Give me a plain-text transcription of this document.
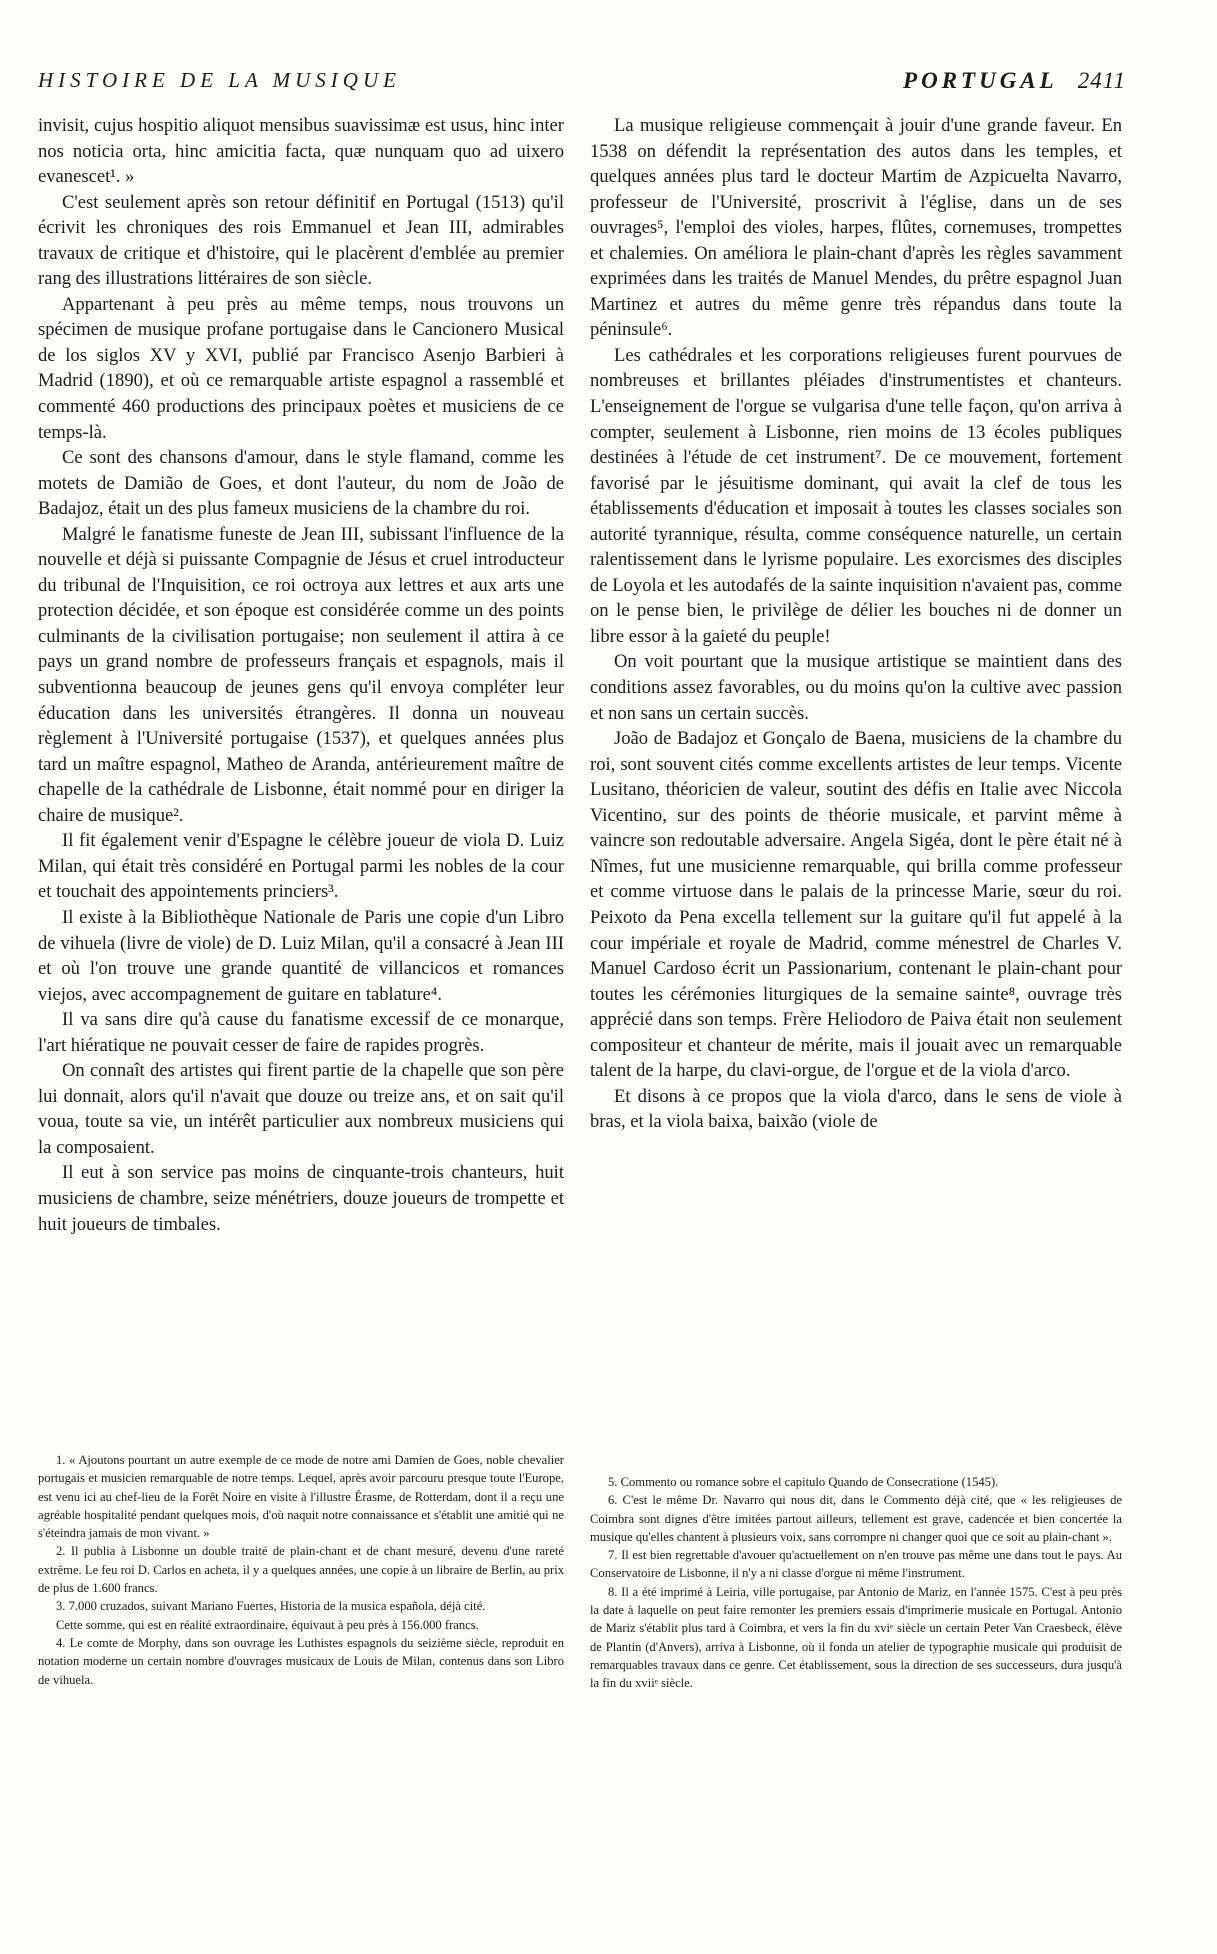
HISTOIRE DE LA MUSIQUE	PORTUGAL 2411

invisit, cujus hospitio aliquot mensibus suavissimæ est usus, hinc inter nos noticia orta, hinc amicitia facta, quæ nunquam quo ad uixero evanescet¹. »

C'est seulement après son retour définitif en Portugal (1513) qu'il écrivit les chroniques des rois Emmanuel et Jean III, admirables travaux de critique et d'histoire, qui le placèrent d'emblée au premier rang des illustrations littéraires de son siècle.

Appartenant à peu près au même temps, nous trouvons un spécimen de musique profane portugaise dans le Cancionero Musical de los siglos XV y XVI, publié par Francisco Asenjo Barbieri à Madrid (1890), et où ce remarquable artiste espagnol a rassemblé et commenté 460 productions des principaux poètes et musiciens de ce temps-là.

Ce sont des chansons d'amour, dans le style flamand, comme les motets de Damião de Goes, et dont l'auteur, du nom de João de Badajoz, était un des plus fameux musiciens de la chambre du roi.

Malgré le fanatisme funeste de Jean III, subissant l'influence de la nouvelle et déjà si puissante Compagnie de Jésus et cruel introducteur du tribunal de l'Inquisition, ce roi octroya aux lettres et aux arts une protection décidée, et son époque est considérée comme un des points culminants de la civilisation portugaise; non seulement il attira à ce pays un grand nombre de professeurs français et espagnols, mais il subventionna beaucoup de jeunes gens qu'il envoya compléter leur éducation dans les universités étrangères. Il donna un nouveau règlement à l'Université portugaise (1537), et quelques années plus tard un maître espagnol, Matheo de Aranda, antérieurement maître de chapelle de la cathédrale de Lisbonne, était nommé pour en diriger la chaire de musique².

Il fit également venir d'Espagne le célèbre joueur de viola D. Luiz Milan, qui était très considéré en Portugal parmi les nobles de la cour et touchait des appointements princiers³.

Il existe à la Bibliothèque Nationale de Paris une copie d'un Libro de vihuela (livre de viole) de D. Luiz Milan, qu'il a consacré à Jean III et où l'on trouve une grande quantité de villancicos et romances viejos, avec accompagnement de guitare en tablature⁴.

Il va sans dire qu'à cause du fanatisme excessif de ce monarque, l'art hiératique ne pouvait cesser de faire de rapides progrès.

On connaît des artistes qui firent partie de la chapelle que son père lui donnait, alors qu'il n'avait que douze ou treize ans, et on sait qu'il voua, toute sa vie, un intérêt particulier aux nombreux musiciens qui la composaient.

Il eut à son service pas moins de cinquante-trois chanteurs, huit musiciens de chambre, seize ménétriers, douze joueurs de trompette et huit joueurs de timbales.

La musique religieuse commençait à jouir d'une grande faveur. En 1538 on défendit la représentation des autos dans les temples, et quelques années plus tard le docteur Martim de Azpicuelta Navarro, professeur de l'Université, proscrivit à l'église, dans un de ses ouvrages⁵, l'emploi des violes, harpes, flûtes, cornemuses, trompettes et chalemies. On améliora le plain-chant d'après les règles savamment exprimées dans les traités de Manuel Mendes, du prêtre espagnol Juan Martinez et autres du même genre très répandus dans toute la péninsule⁶.

Les cathédrales et les corporations religieuses furent pourvues de nombreuses et brillantes pléiades d'instrumentistes et chanteurs. L'enseignement de l'orgue se vulgarisa d'une telle façon, qu'on arriva à compter, seulement à Lisbonne, rien moins de 13 écoles publiques destinées à l'étude de cet instrument⁷. De ce mouvement, fortement favorisé par le jésuitisme dominant, qui avait la clef de tous les établissements d'éducation et imposait à toutes les classes sociales son autorité tyrannique, résulta, comme conséquence naturelle, un certain ralentissement dans le lyrisme populaire. Les exorcismes des disciples de Loyola et les autodafés de la sainte inquisition n'avaient pas, comme on le pense bien, le privilège de délier les bouches ni de donner un libre essor à la gaieté du peuple!

On voit pourtant que la musique artistique se maintient dans des conditions assez favorables, ou du moins qu'on la cultive avec passion et non sans un certain succès.

João de Badajoz et Gonçalo de Baena, musiciens de la chambre du roi, sont souvent cités comme excellents artistes de leur temps. Vicente Lusitano, théoricien de valeur, soutint des défis en Italie avec Niccola Vicentino, sur des points de théorie musicale, et parvint même à vaincre son redoutable adversaire. Angela Sigéa, dont le père était né à Nîmes, fut une musicienne remarquable, qui brilla comme professeur et comme virtuose dans le palais de la princesse Marie, sœur du roi. Peixoto da Pena excella tellement sur la guitare qu'il fut appelé à la cour impériale et royale de Madrid, comme ménestrel de Charles V. Manuel Cardoso écrit un Passionarium, contenant le plain-chant pour toutes les cérémonies liturgiques de la semaine sainte⁸, ouvrage très apprécié dans son temps. Frère Heliodoro de Paiva était non seulement compositeur et chanteur de mérite, mais il jouait avec un remarquable talent de la harpe, du clavi-orgue, de l'orgue et de la viola d'arco.

Et disons à ce propos que la viola d'arco, dans le sens de viole à bras, et la viola baixa, baixão (viole de

1. « Ajoutons pourtant un autre exemple de ce mode de notre ami Damien de Goes, noble chevalier portugais et musicien remarquable de notre temps. Lequel, après avoir parcouru presque toute l'Europe, est venu ici au chef-lieu de la Forêt Noire en visite à l'illustre Érasme, de Rotterdam, dont il a reçu une agréable hospitalité pendant quelques mois, d'où naquit notre connaissance et s'établit une amitié qui ne s'éteindra jamais de mon vivant. »

2. Il publia à Lisbonne un double traité de plain-chant et de chant mesuré, devenu d'une rareté extrême. Le feu roi D. Carlos en acheta, il y a quelques années, une copie à un libraire de Berlin, au prix de plus de 1.600 francs.

3. 7.000 cruzados, suivant Mariano Fuertes, Historia de la musica española, déjà cité.

Cette somme, qui est en réalité extraordinaire, équivaut à peu près à 156.000 francs.

4. Le comte de Morphy, dans son ouvrage les Luthistes espagnols du seizième siècle, reproduit en notation moderne un certain nombre d'ouvrages musicaux de Louis de Milan, contenus dans son Libro de vihuela.

5. Commento ou romance sobre el capitulo Quando de Consecratione (1545).

6. C'est le même Dr. Navarro qui nous dit, dans le Commento déjà cité, que « les religieuses de Coimbra sont dignes d'être imitées partout ailleurs, tellement est grave, cadencée et bien concertée la musique qu'elles chantent à plusieurs voix, sans corrompre ni changer quoi que ce soit au plain-chant ».

7. Il est bien regrettable d'avouer qu'actuellement on n'en trouve pas même une dans tout le pays. Au Conservatoire de Lisbonne, il n'y a ni classe d'orgue ni même l'instrument.

8. Il a été imprimé à Leiria, ville portugaise, par Antonio de Mariz, en l'année 1575. C'est à peu près la date à laquelle on peut faire remonter les premiers essais d'imprimerie musicale en Portugal. Antonio de Mariz s'établit plus tard à Coimbra, et vers la fin du xviᵉ siècle un certain Peter Van Craesbeck, élève de Plantin (d'Anvers), arriva à Lisbonne, où il fonda un atelier de typographie musicale qui produisit de remarquables travaux dans ce genre. Cet établissement, sous la direction de ses successeurs, dura jusqu'à la fin du xviiᵉ siècle.
